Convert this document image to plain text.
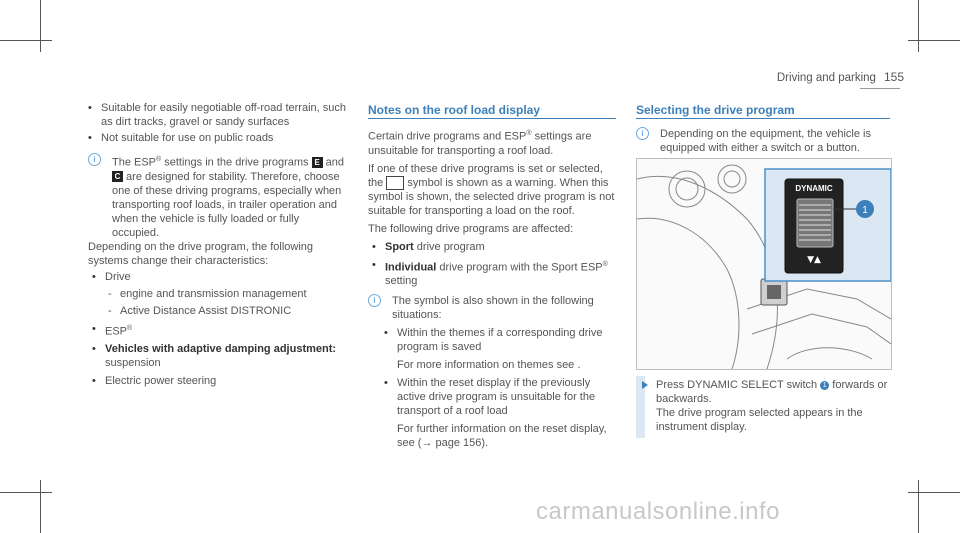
Driving and parking 155

• Suitable for easily negotiable off-road terrain, such as dirt tracks, gravel or sandy surfaces

• Not suitable for use on public roads

i	The ESP® settings in the drive programs E and C are designed for stability. Therefore, choose one of these driving programs, especially when transporting roof loads, in trailer operation and when the vehicle is fully loaded or fully occupied.

Depending on the drive program, the following systems change their characteristics:

• Drive

- engine and transmission management

- Active Distance Assist DISTRONIC

• ESP®

• Vehicles with adaptive damping adjustment:
suspension

• Electric power steering

Notes on the roof load display

Certain drive programs and ESP® settings are unsuitable for transporting a roof load.

If one of these drive programs is set or selected, the  symbol is shown as a warning. When this symbol is shown, the selected drive program is not suitable for transporting a load on the roof.

The following drive programs are affected:

• Sport drive program

• Individual drive program with the Sport ESP®
setting

i	The symbol is also shown in the following situations:

• Within the themes if a corresponding drive program is saved

For more information on themes see .

• Within the reset display if the previously active drive program is unsuitable for the transport of a roof load

For further information on the reset display, see (→ page 156).

Selecting the drive program

i	Depending on the equipment, the vehicle is equipped with either a switch or a button.

DYNAMIC
▼▲
1

Press DYNAMIC SELECT switch 1 forwards or backwards.
The drive program selected appears in the instrument display.

carmanualsonline.info
